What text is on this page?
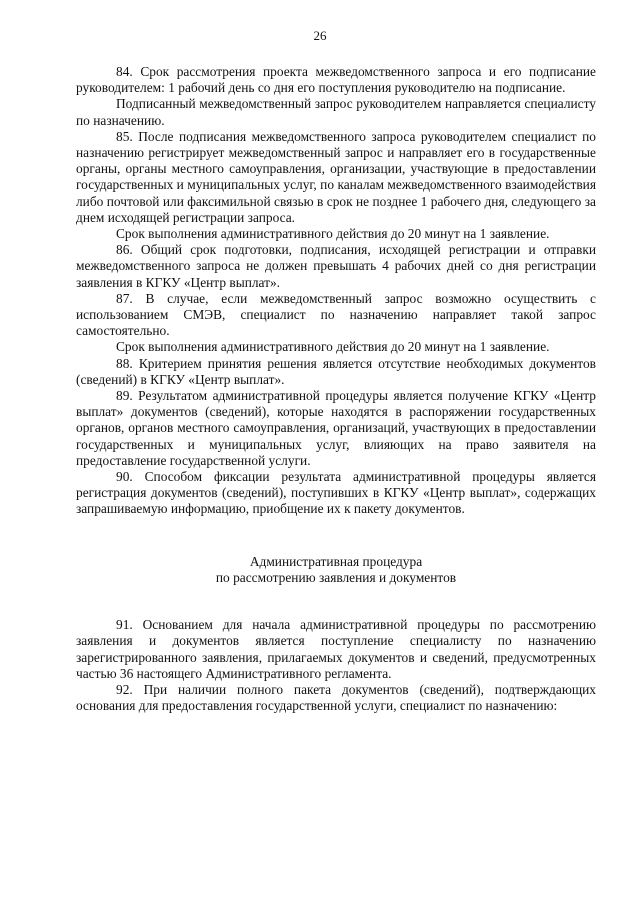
26

84. Срок рассмотрения проекта межведомственного запроса и его подписание руководителем: 1 рабочий день со дня его поступления руководителю на подписание.

Подписанный межведомственный запрос руководителем направляется специалисту по назначению.

85. После подписания межведомственного запроса руководителем специалист по назначению регистрирует межведомственный запрос и направляет его в государственные органы, органы местного самоуправления, организации, участвующие в предоставлении государственных и муниципальных услуг, по каналам межведомственного взаимодействия либо почтовой или факсимильной связью в срок не позднее 1 рабочего дня, следующего за днем исходящей регистрации запроса.

Срок выполнения административного действия до 20 минут на 1 заявление.

86. Общий срок подготовки, подписания, исходящей регистрации и отправки межведомственного запроса не должен превышать 4 рабочих дней со дня регистрации заявления в КГКУ «Центр выплат».

87. В случае, если межведомственный запрос возможно осуществить с использованием СМЭВ, специалист по назначению направляет такой запрос самостоятельно.

Срок выполнения административного действия до 20 минут на 1 заявление.

88. Критерием принятия решения является отсутствие необходимых документов (сведений) в КГКУ «Центр выплат».

89. Результатом административной процедуры является получение КГКУ «Центр выплат» документов (сведений), которые находятся в распоряжении государственных органов, органов местного самоуправления, организаций, участвующих в предоставлении государственных и муниципальных услуг, влияющих на право заявителя на предоставление государственной услуги.

90. Способом фиксации результата административной процедуры является регистрация документов (сведений), поступивших в КГКУ «Центр выплат», содержащих запрашиваемую информацию, приобщение их к пакету документов.

Административная процедура
по рассмотрению заявления и документов

91. Основанием для начала административной процедуры по рассмотрению заявления и документов является поступление специалисту по назначению зарегистрированного заявления, прилагаемых документов и сведений, предусмотренных частью 36 настоящего Административного регламента.

92. При наличии полного пакета документов (сведений), подтверждающих основания для предоставления государственной услуги, специалист по назначению:
